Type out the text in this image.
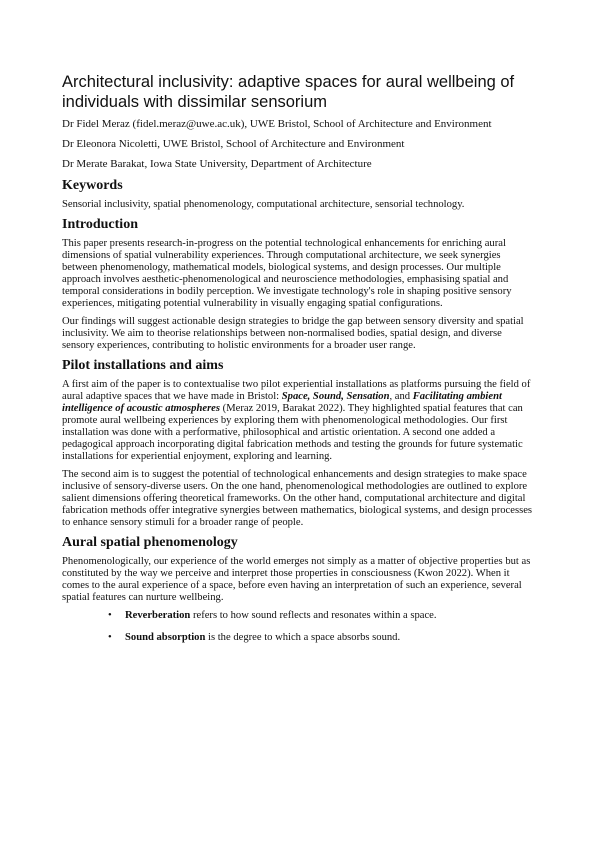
Architectural inclusivity: adaptive spaces for aural wellbeing of individuals with dissimilar sensorium

Dr Fidel Meraz (fidel.meraz@uwe.ac.uk), UWE Bristol, School of Architecture and Environment

Dr Eleonora Nicoletti, UWE Bristol, School of Architecture and Environment

Dr Merate Barakat, Iowa State University, Department of Architecture

Keywords

Sensorial inclusivity, spatial phenomenology, computational architecture, sensorial technology.

Introduction

This paper presents research-in-progress on the potential technological enhancements for enriching aural dimensions of spatial vulnerability experiences. Through computational architecture, we seek synergies between phenomenology, mathematical models, biological systems, and design processes. Our multiple approach involves aesthetic-phenomenological and neuroscience methodologies, emphasising spatial and temporal considerations in bodily perception. We investigate technology's role in shaping positive sensory experiences, mitigating potential vulnerability in visually engaging spatial configurations.

Our findings will suggest actionable design strategies to bridge the gap between sensory diversity and spatial inclusivity. We aim to theorise relationships between non-normalised bodies, spatial design, and diverse sensory experiences, contributing to holistic environments for a broader user range.

Pilot installations and aims

A first aim of the paper is to contextualise two pilot experiential installations as platforms pursuing the field of aural adaptive spaces that we have made in Bristol: Space, Sound, Sensation, and Facilitating ambient intelligence of acoustic atmospheres (Meraz 2019, Barakat 2022). They highlighted spatial features that can promote aural wellbeing experiences by exploring them with phenomenological methodologies. Our first installation was done with a performative, philosophical and artistic orientation. A second one added a pedagogical approach incorporating digital fabrication methods and testing the grounds for future systematic installations for experiential enjoyment, exploring and learning.

The second aim is to suggest the potential of technological enhancements and design strategies to make space inclusive of sensory-diverse users. On the one hand, phenomenological methodologies are outlined to explore salient dimensions offering theoretical frameworks. On the other hand, computational architecture and digital fabrication methods offer integrative synergies between mathematics, biological systems, and design processes to enhance sensory stimuli for a broader range of people.

Aural spatial phenomenology

Phenomenologically, our experience of the world emerges not simply as a matter of objective properties but as constituted by the way we perceive and interpret those properties in consciousness (Kwon 2022). When it comes to the aural experience of a space, before even having an interpretation of such an experience, several spatial features can nurture wellbeing.

• Reverberation refers to how sound reflects and resonates within a space.
• Sound absorption is the degree to which a space absorbs sound.
